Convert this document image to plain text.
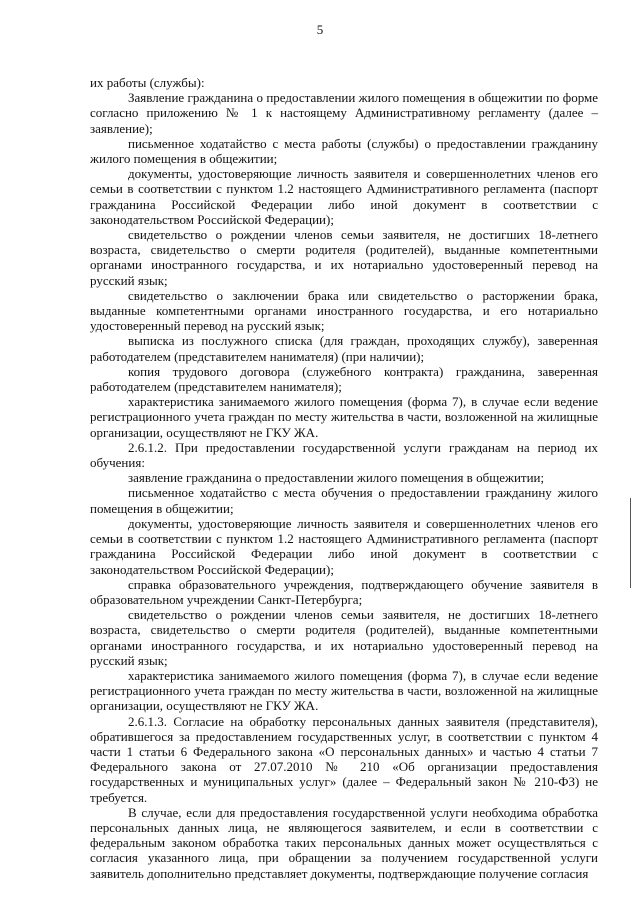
5

их работы (службы):

Заявление гражданина о предоставлении жилого помещения в общежитии по форме согласно приложению № 1 к настоящему Административному регламенту (далее – заявление);

письменное ходатайство с места работы (службы) о предоставлении гражданину жилого помещения в общежитии;

документы, удостоверяющие личность заявителя и совершеннолетних членов его семьи в соответствии с пунктом 1.2 настоящего Административного регламента (паспорт гражданина Российской Федерации либо иной документ в соответствии с законодательством Российской Федерации);

свидетельство о рождении членов семьи заявителя, не достигших 18-летнего возраста, свидетельство о смерти родителя (родителей), выданные компетентными органами иностранного государства, и их нотариально удостоверенный перевод на русский язык;

свидетельство о заключении брака или свидетельство о расторжении брака, выданные компетентными органами иностранного государства, и его нотариально удостоверенный перевод на русский язык;

выписка из послужного списка (для граждан, проходящих службу), заверенная работодателем (представителем нанимателя) (при наличии);

копия трудового договора (служебного контракта) гражданина, заверенная работодателем (представителем нанимателя);

характеристика занимаемого жилого помещения (форма 7), в случае если ведение регистрационного учета граждан по месту жительства в части, возложенной на жилищные организации, осуществляют не ГКУ ЖА.

2.6.1.2. При предоставлении государственной услуги гражданам на период их обучения:

заявление гражданина о предоставлении жилого помещения в общежитии;

письменное ходатайство с места обучения о предоставлении гражданину жилого помещения в общежитии;

документы, удостоверяющие личность заявителя и совершеннолетних членов его семьи в соответствии с пунктом 1.2 настоящего Административного регламента (паспорт гражданина Российской Федерации либо иной документ в соответствии с законодательством Российской Федерации);

справка образовательного учреждения, подтверждающего обучение заявителя в образовательном учреждении Санкт-Петербурга;

свидетельство о рождении членов семьи заявителя, не достигших 18-летнего возраста, свидетельство о смерти родителя (родителей), выданные компетентными органами иностранного государства, и их нотариально удостоверенный перевод на русский язык;

характеристика занимаемого жилого помещения (форма 7), в случае если ведение регистрационного учета граждан по месту жительства в части, возложенной на жилищные организации, осуществляют не ГКУ ЖА.

2.6.1.3. Согласие на обработку персональных данных заявителя (представителя), обратившегося за предоставлением государственных услуг, в соответствии с пунктом 4 части 1 статьи 6 Федерального закона «О персональных данных» и частью 4 статьи 7 Федерального закона от 27.07.2010 № 210 «Об организации предоставления государственных и муниципальных услуг» (далее – Федеральный закон № 210-ФЗ) не требуется.

В случае, если для предоставления государственной услуги необходима обработка персональных данных лица, не являющегося заявителем, и если в соответствии с федеральным законом обработка таких персональных данных может осуществляться с согласия указанного лица, при обращении за получением государственной услуги заявитель дополнительно представляет документы, подтверждающие получение согласия
